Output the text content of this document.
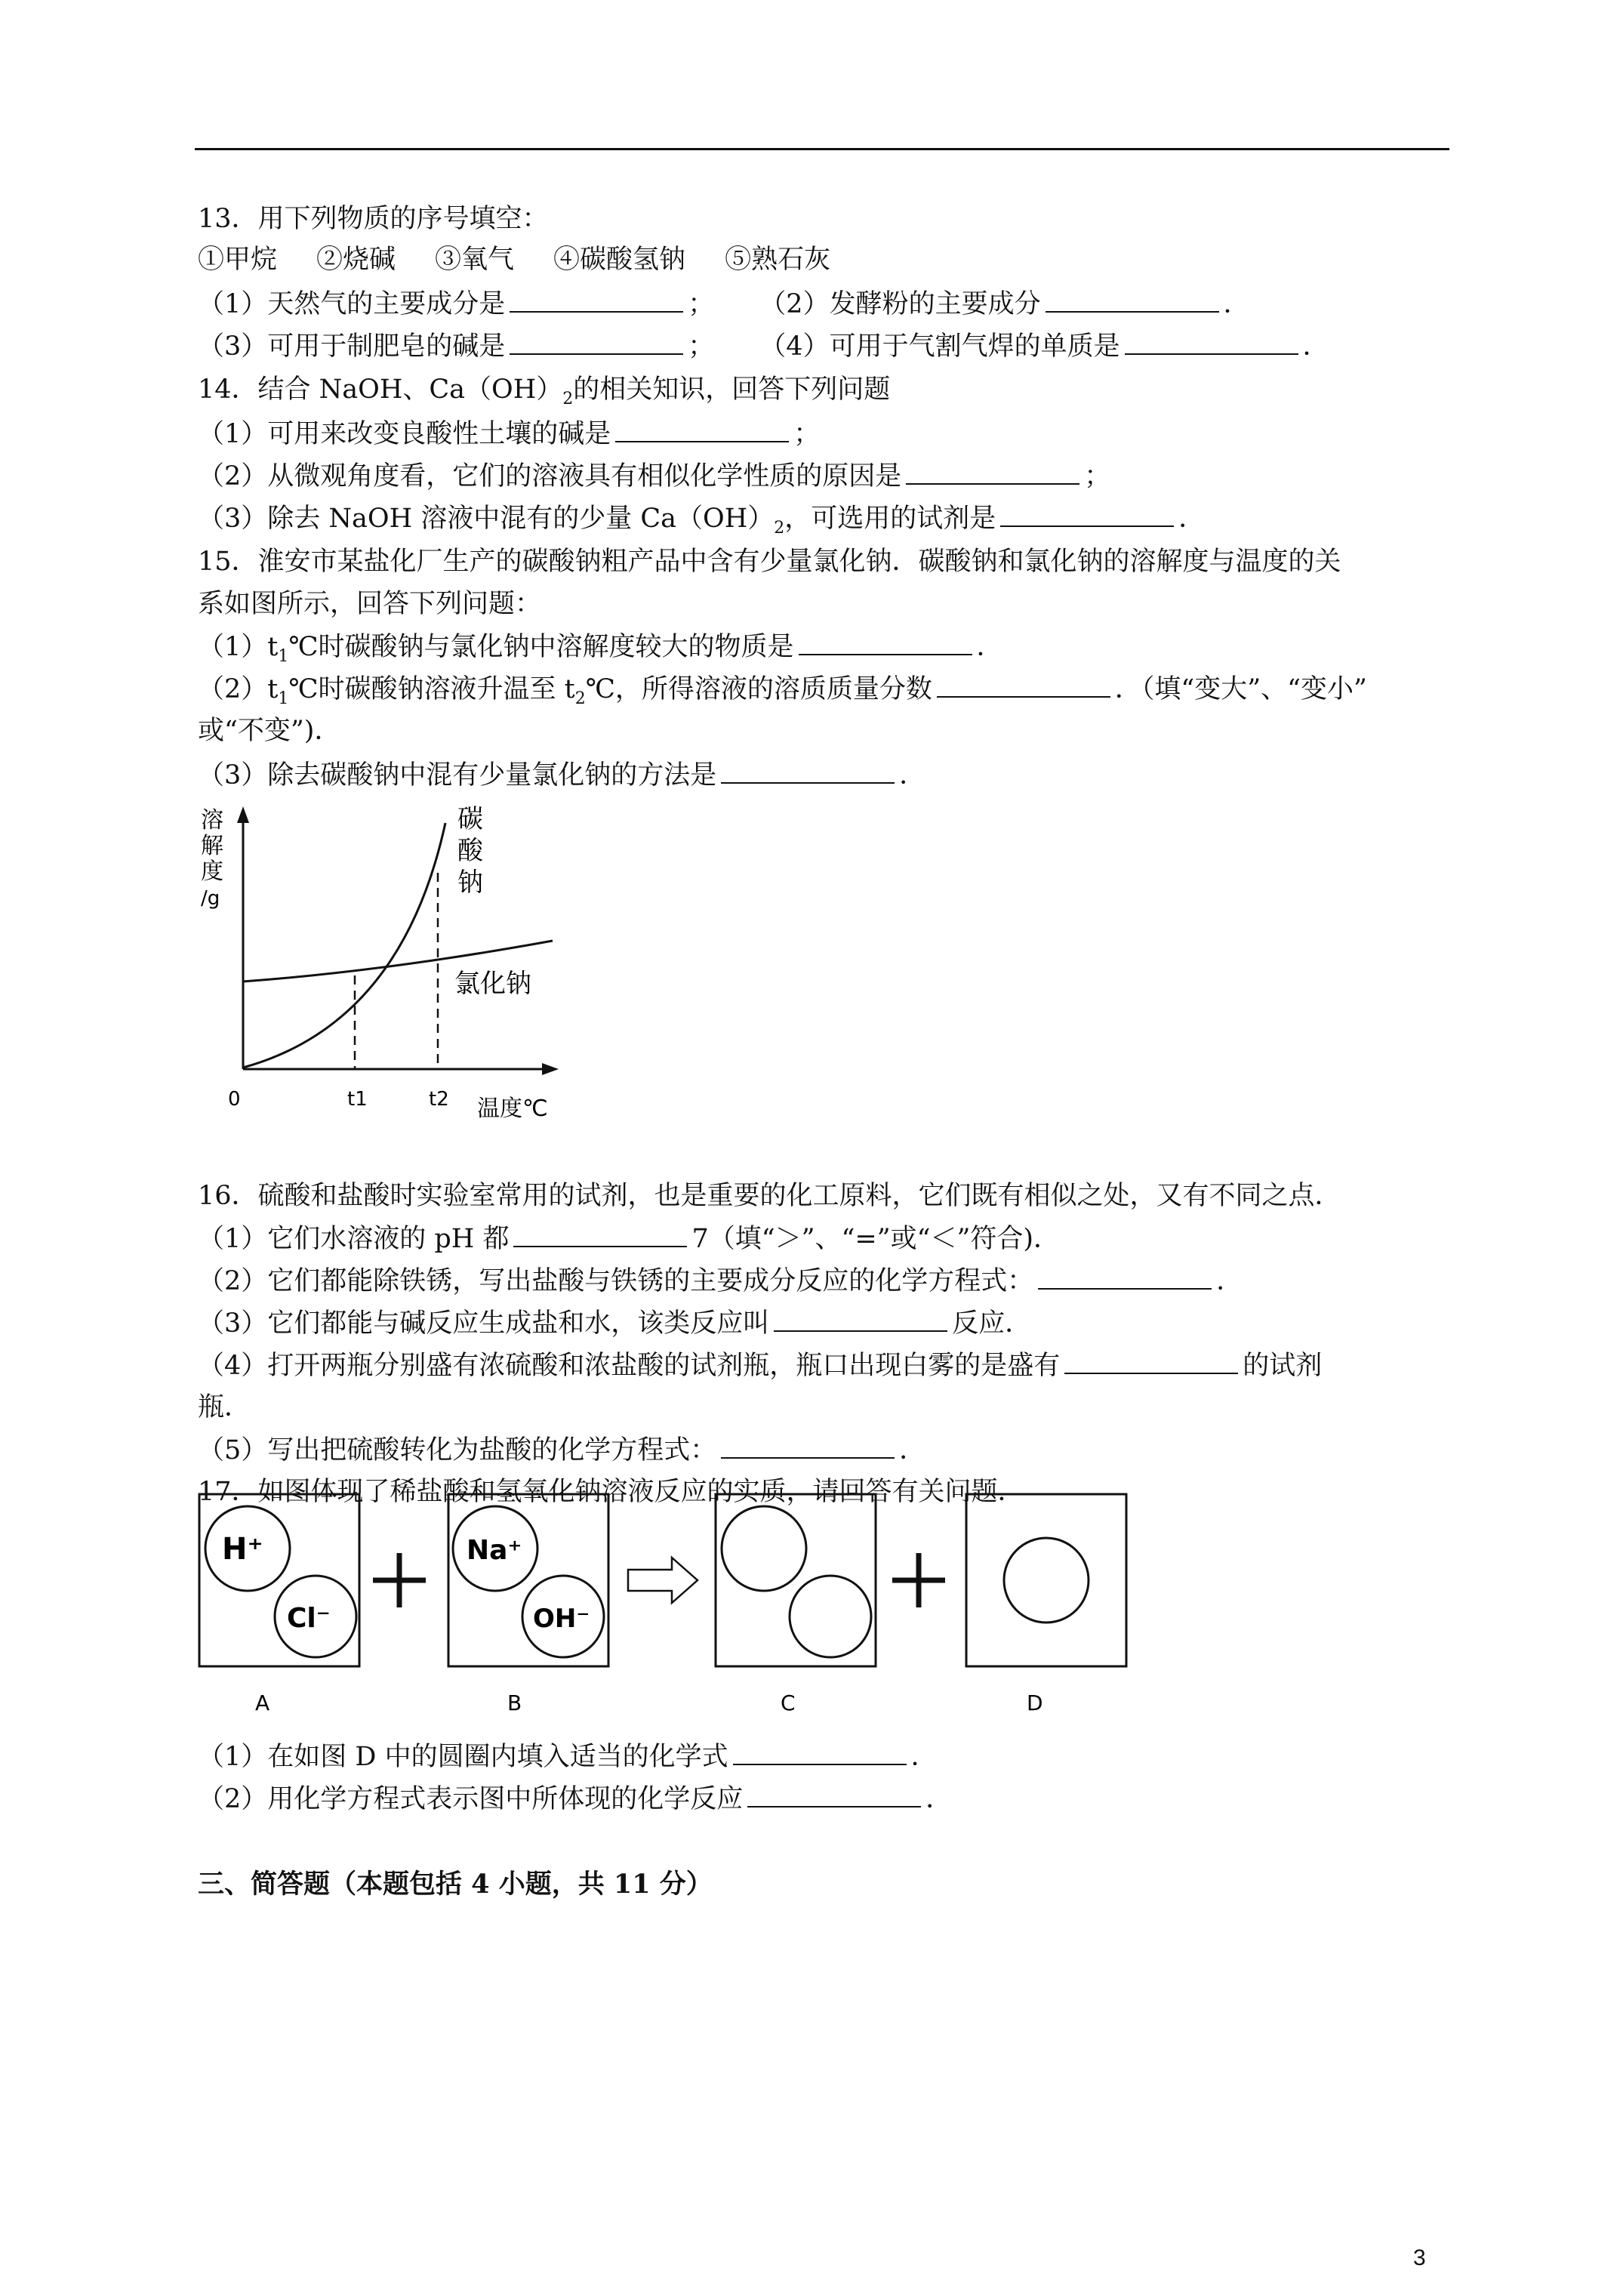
13．用下列物质的序号填空：
①甲烷 ②烧碱 ③氧气 ④碳酸氢钠 ⑤熟石灰
（1）天然气的主要成分是	； （2）发酵粉的主要成分	．
（3）可用于制肥皂的碱是	； （4）可用于气割气焊的单质是	．
14．结合 NaOH、$Ca(OH)_2$的相关知识，回答下列问题
（1）可用来改变良酸性土壤的碱是	；
（2）从微观角度看，它们的溶液具有相似化学性质的原因是	；
（3）除去 NaOH 溶液中混有的少量 $Ca(OH)_2$，可选用的试剂是	．
15．淮安市某盐化厂生产的碳酸钠粗产品中含有少量氯化钠．碳酸钠和氯化钠的溶解度与温度的关
系如图所示，回答下列问题：
$(1)t_1℃$时碳酸钠与氯化钠中溶解度较大的物质是	．
$(2)t_1℃$时碳酸钠溶液升温至 $t_2℃$，所得溶液的溶质质量分数	．（填“变大”、“变小”
或“不变”)．
（3）除去碳酸钠中混有少量氯化钠的方法是	．
溶
解
度
/g
碳
酸
钠
氯化钠
0	t1	t2 温度℃
16．硫酸和盐酸时实验室常用的试剂，也是重要的化工原料，它们既有相似之处，又有不同之点．
（1）它们水溶液的 pH 都	7（填“＞”、“=”或“＜”符合)．
（2）它们都能除铁锈，写出盐酸与铁锈的主要成分反应的化学方程式：	．
（3）它们都能与碱反应生成盐和水，该类反应叫	反应．
（4）打开两瓶分别盛有浓硫酸和浓盐酸的试剂瓶，瓶口出现白雾的是盛有	的试剂
瓶．
（5）写出把硫酸转化为盐酸的化学方程式：	．
17．如图体现了稀盐酸和氢氧化钠溶液反应的实质，请回答有关问题．
H⁺
Cl⁻
Na⁺
OH⁻
A	B	C	D
（1）在如图 D 中的圆圈内填入适当的化学式	．
（2）用化学方程式表示图中所体现的化学反应	．
三、简答题（本题包括 4 小题，共 11 分）
3
